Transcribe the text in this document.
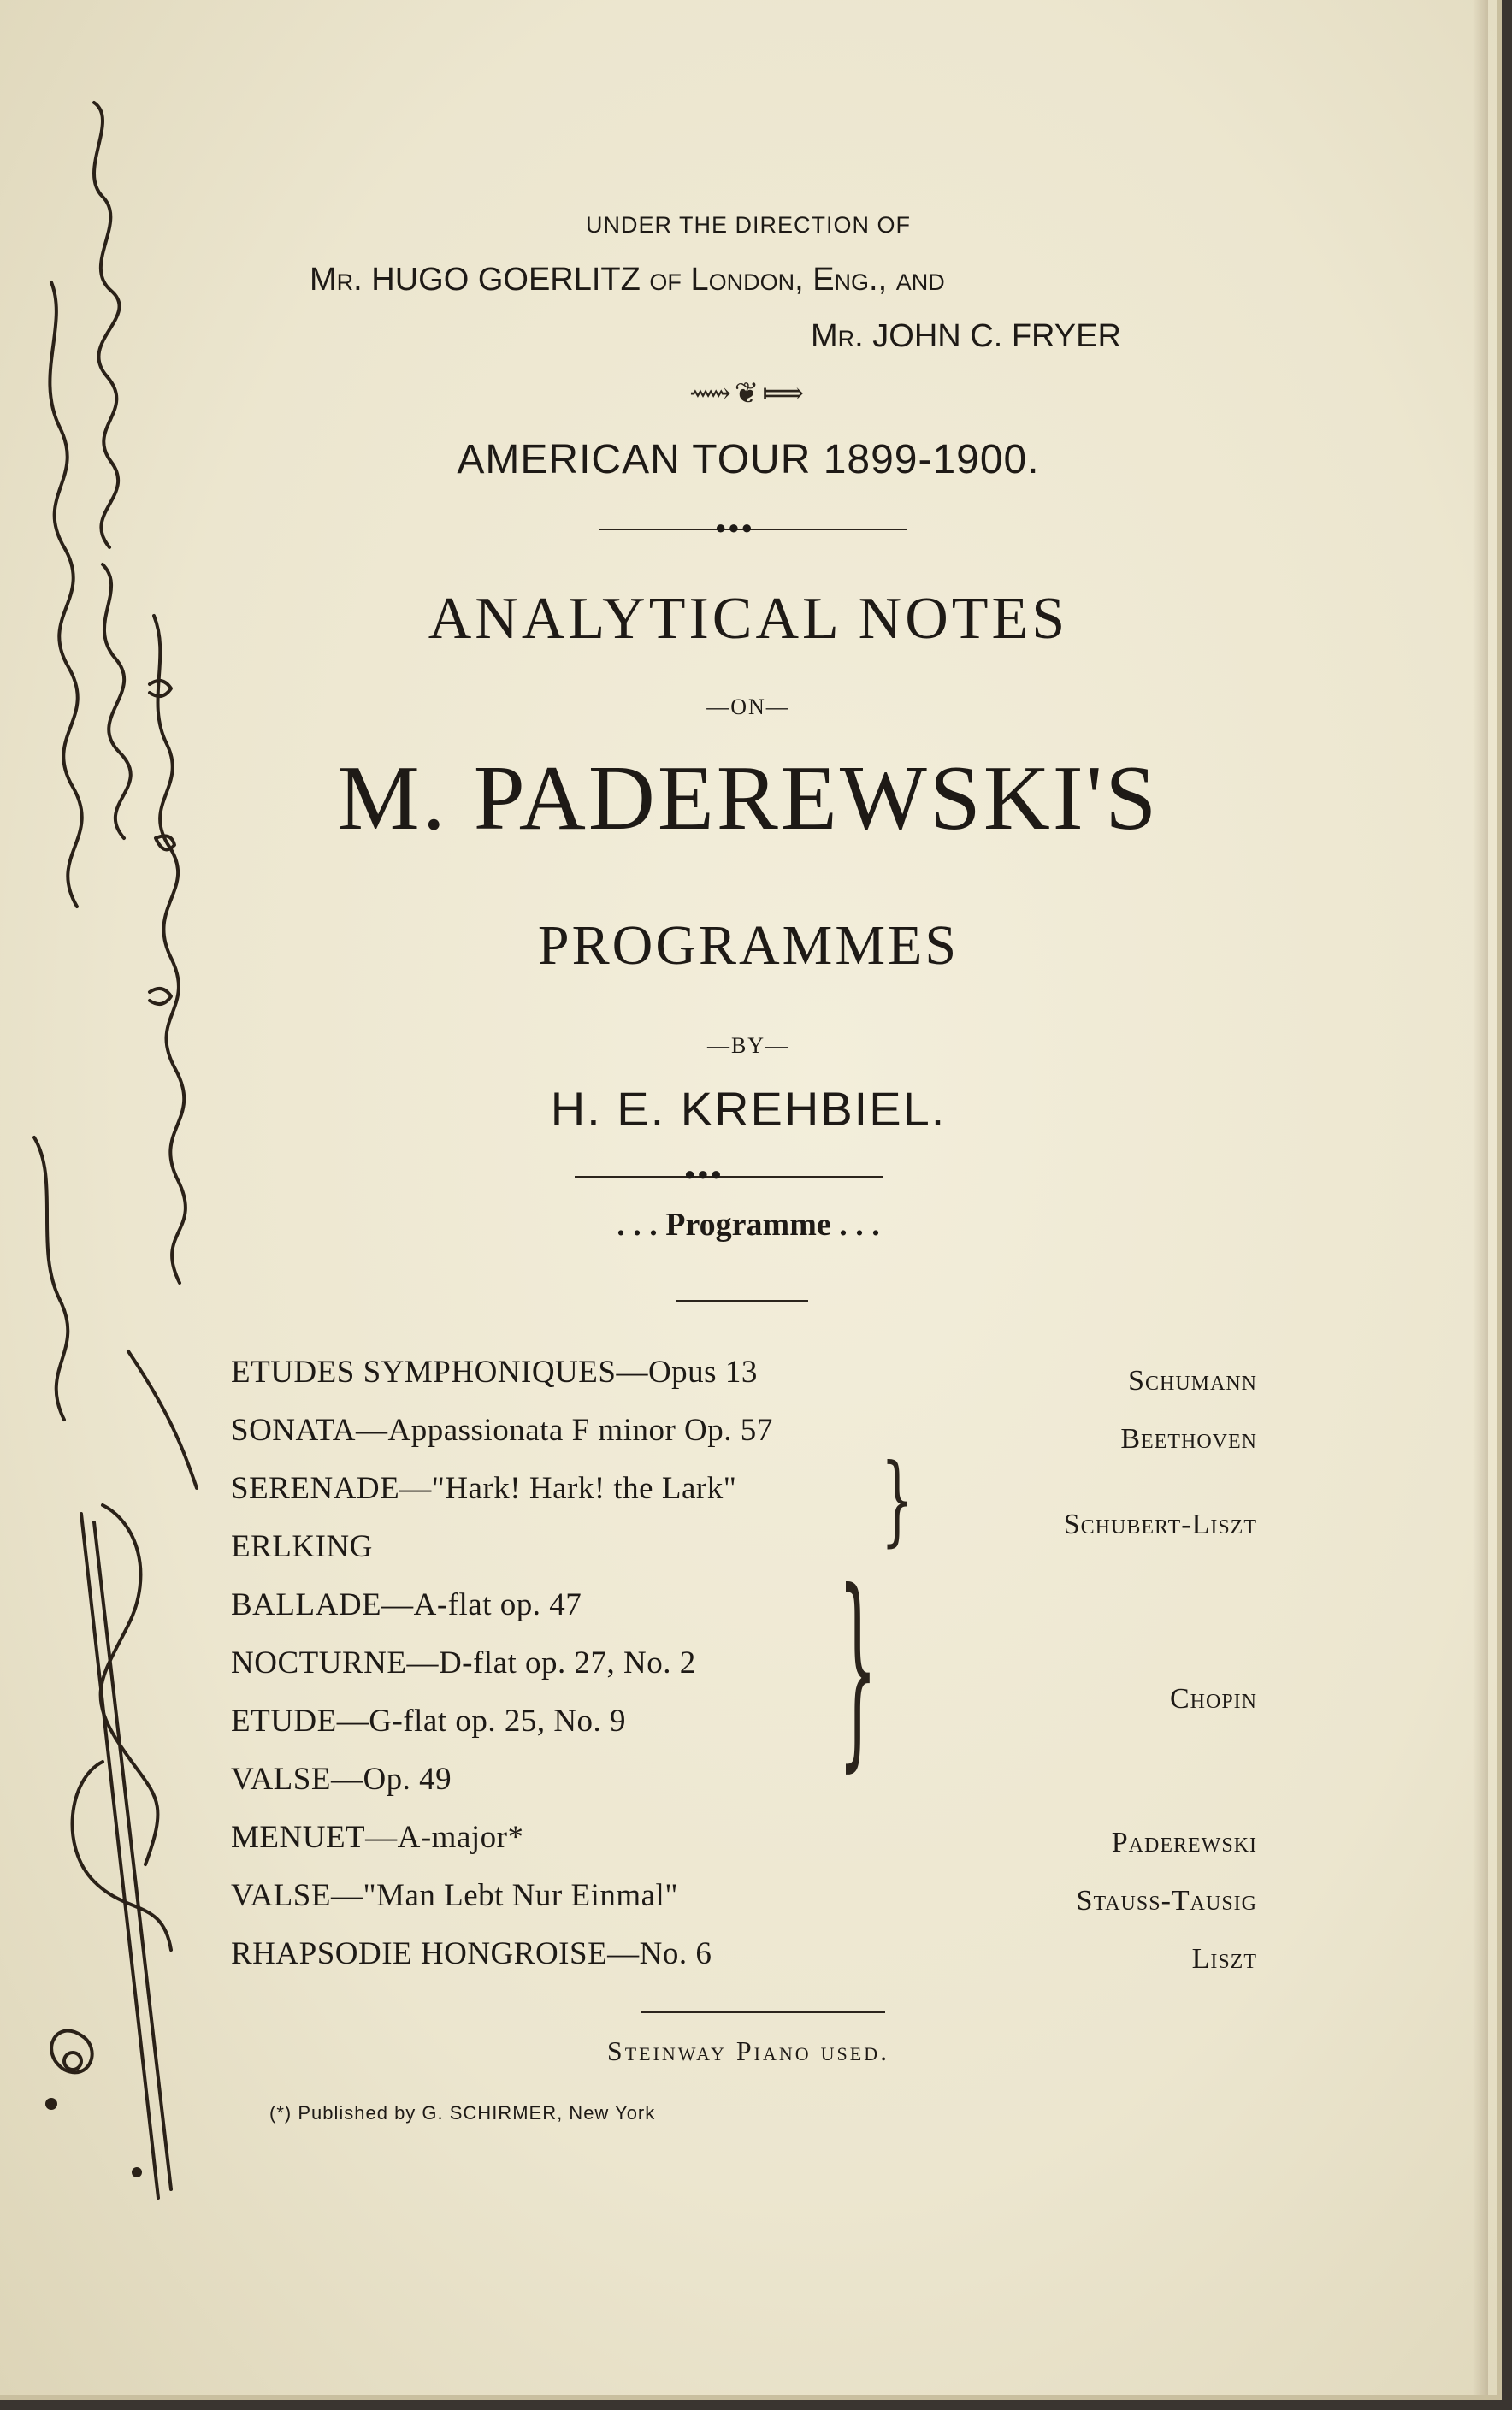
UNDER THE DIRECTION OF
Mr. HUGO GOERLITZ of London, Eng., and
Mr. JOHN C. FRYER
⟿❦⟾
AMERICAN TOUR 1899-1900.
●●●
ANALYTICAL NOTES
—ON—
M. PADEREWSKI'S
PROGRAMMES
—BY—
H. E. KREHBIEL.
●●●
. . . Programme . . .
ETUDES SYMPHONIQUES—Opus 13
SONATA—Appassionata F minor Op. 57
SERENADE—"Hark! Hark! the Lark"
ERLKING
BALLADE—A-flat op. 47
NOCTURNE—D-flat op. 27, No. 2
ETUDE—G-flat op. 25, No. 9
VALSE—Op. 49
MENUET—A-major*
VALSE—"Man Lebt Nur Einmal"
RHAPSODIE HONGROISE—No. 6
}
}
Schumann
Beethoven
Schubert-Liszt
Chopin
Paderewski
Stauss-Tausig
Liszt
Steinway Piano used.
(*) Published by G. SCHIRMER, New York
